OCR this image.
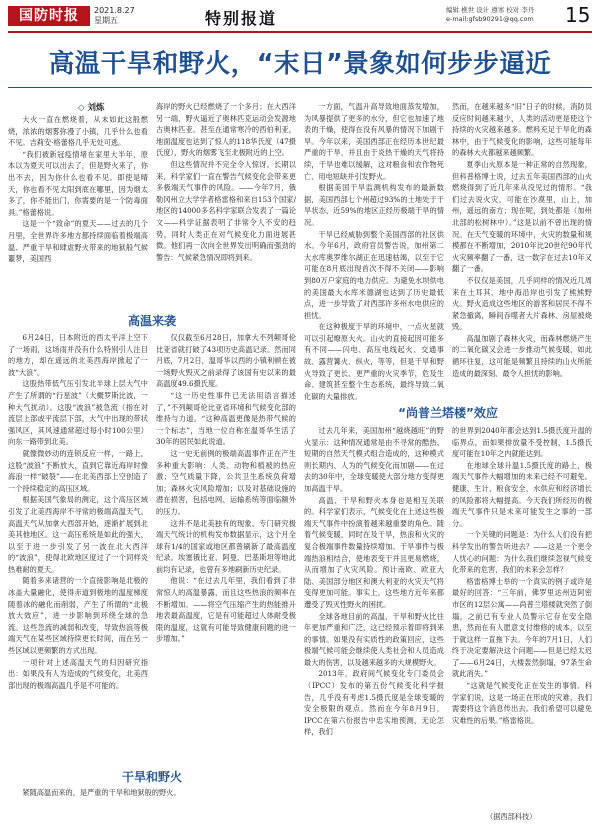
国防时报	2021.8.27
星期五	特别报道	编辑 樵世 设计 遵寒 校对 李丹
e-mail:gfsb90291@qq.com 15
高温干旱和野火，“末日”景象如何步步逼近
◇ 刘炼

大火一直在燃烧着，从未如此这般燃烧，浓浓的烟雾弥漫了小镇，几乎什么也看不见。吉莉安·格蕾格几乎无处可逃。

“我们被新冠疫情堵在家里大半年，原本以为夏天可以出去了，但是野火来了，你出不去，因为你什么也看不见。即使是晴天，你也看不见太阳到底在哪里，因为烟太多了，你不能出门，你需要的是一个防毒面具。”格蕾格说。

这是一个“致命”的夏天——过去的几个月里，全世界许多地方都持续面临着极端高温、严重干旱和肆虐野火带来的地狱般气候噩梦，美国西

海岸的野火已经燃烧了一个多月；在大西洋另一端，野火逼近了奥林匹克运动会发源地古奥林匹亚。甚至在通常寒冷的西伯利亚，地面温度也达到了惊人的118华氏度（47摄氏度），野火的烟雾飞至北极附近的上空。

但这些情况并不完全令人惊讶。长期以来，科学家们一直在警告气候变化会带来更多极端天气事件的风险。——今年7月，俄勒冈州立大学学者格雷格和来自153个国家/地区的14000多名科学家联合发表了一篇论文——科学证据表明了非常令人不安的趋势，同时人类正在对气候变化力面进展甚微。他们再一次向全世界发出明确而强劲的警告：气候紧急情况即将到来。

高温来袭

6月24日，日本附近的西太平洋上空下了一场雨，这场雨并没有什么特别引人注目的地方，却在遥远的北美西海岸掀起了一波“大浪”。

这股热带低气压引发北半球上层大气中产生了所谓的“行星波”（大概罗斯比波，一种大气扰动）。这股“波浪”被急流（指在对流层上部或平流层下部，大气中出现的带状强风区，其风速通常超过每小时100公里）向东一路带到北美。

就像微妙动的连锁反应一样，一路上，这股“波浪”不断放大，直到它靠近海岸时像海浪一样“破裂”——在北美西部上空创造了一个持续稳定的高压区域。

根据美国气象局的测定，这个高压区域引发了北美西海岸不寻常的极端高温天气。高温天气从加拿大西部开始，逐渐扩展到北美其他地区。这一高压系统是如此的强大，以至于进一步引发了另一波在北大西洋的“波浪”，使得北欧地区度过了一个同样炎热难耐的夏天。

随着多来诸营的一个直接影响是北极的冰盖大量融化，使得赤道到极地的温度梯度随着冰的融化而削弱，产生了所谓的“北极放大效应”，进一步影响到环绕全球的急流。这些急流的减弱和改变，导致热浪等极端天气在某些区域持续更长时间，而在另一些区域以更频繁的方式出现。

一项针对上述高温天气的归因研究指出：如果没有人为造成的气候变化，北美西部出现的极端高温几乎是不可能的。

仅仅截至6月28日，加拿大不列颠哥伦比亚省就打破了43项历史高温记录。然而同月底，7月2日，温哥华以西的小镇利顿在被一场野火毁灭之前录得了该国有史以来的最高温度49.6摄氏度。

“这一历史性事件已无法用语言描述了，”不列颠哥伦比亚省环境和气候变化部的维持与力道。“这种高温更像是热带气候的一个标志”，当地一位自称在温哥华生活了30年的居民如此说道。

这一史无前例的极端高温事件正在产生多种重大影响：人类、动物和植被的热应激；空气质量下降，公共卫生系统负荷增加；森林火灾风险增加；以及对基础设施的潜在损害，包括电网、运输系统等面临额外的压力。

这并不是北美独有的现象。专门研究极端天气统计的机构发布数据显示，这个月全球有1/4的国家或地区都曾刷新了最高温度纪录。埃塞俄比亚、阿曼、巴基斯坦等地此前均有记录，也曾有多地刷新历史纪录。

他说：“在过去几年里，我们看到了非常惊人的高温暴露，而且这些热浪的频率在不断增加。——将空气压缩产生的热能推升地表最高温度，它是有可能超过人体耐受极限的温度，这就有可能导致健康问题的进一步增加。”

干旱和野火

紧随高温而来的，是严重的干旱和地狱般的野火。

一方面，气温升高导致地面蒸发增加，为风暴提供了更多的水分，但它也加速了地表的干燥，使得在没有风暴的情况下加剧干旱。今年以来，美国西部正在经历本世纪最严重的干旱，并且由于炎热干燥的天气将持续，干旱也难以缓解，这对粮食和农作物死亡、用电短缺并引发野火。

根据美国干旱监测机构发布的最新数据，美国西部七个州超过93%的土地处于干旱状态，近59%的地区正经历极端干旱的情况。

干旱已经威胁到整个美国西部的社区供水。今年6月，政府官员警告说，加州第二大水库奥罗维尔湖正在迅速枯竭，以至于它可能在8月底出现首次不得不关闭——影响到80万户家庭的电力供应。为避免水坝供电的美国最大水库米德湖也达到了历史最低点，进一步导致了对西部许多州水电供应的担忧。

在这种极度干旱的环境中，一点火星就可以引起燎原大火。山火的直接起因可能多有不同——闪电、高压电线起火、交通事故、露营篝火、纵火，等等，但是干旱和野火导致了更长、更严重的火灾季节，危及生命、建筑甚至整个生态系统，最终导致二氧化碳的大量排放。

然而，在越来越多“旧”日子的时候，消防员反应时间越来越少，人类的活动更是使这个持续的火灾越来越多。燃料充足于旱化的森林中，由于气候变化的影响，这些可能每年的森林大火都越来越频繁。

夏季山火原本是一种正常的自然现象，但科普格博士说，过去五年美国西部的山火燃烧得到了近几年来从没见过的情形。“我们过去说火灾，可能在沙漠里，山上，加州，遥远的南方；现在呢，到处都是（加州北部的松树林中）。”这是以前不曾出现的情况。在天气变暖的环境中，火灾的数量和规模都在不断增加，2010年比20世纪90年代火灾频率翻了一番，这一数字在过去10年又翻了一番。

不仅仅是美国，几乎同样的情况近几周来在土耳其、地中海沿岸也引发了熊熊野火。野火造成这些地区的游客和居民不得不紧急撤离，瞬间吞噬者大片森林、房屋被烧毁。

高温加剧了森林火灾，而森林燃烧产生的二氧化碳又会进一步推动气候变暖，如此循环往复，这可能是频繁且持续的山火所能造成的最深刻、最令人担忧的影响。

“尚普兰塔楼”效应

过去几年来，美国加州“越烧越旺”的野火显示：这种情况通常是由不寻常的酷热、短期的自然天气模式组合造成的，这种模式则长期内、人为的气候变化而加剧——在过去的30年中，全球变暖使大部分地方变得更加高温干旱。

高温、干旱和野火本身也是相互关联的。科学家们表示，气候变化在上述这些极端天气事件中扮演着越来越重要的角色。随着气候变暖，同时在及干旱，热浪和火灾的复合极端事件数量持续增加。干旱事件与极端热浪相结合，使地表变干并且更易燃烧，从而增加了火灾风险。预计南欧、欧亚大陆、美国部分地区和澳大利亚的火灾天气将变得更加可能。事实上，这些地方近年来都遭受了毁灭性野火的困扰。

全球各地目前的高温、干旱和野火比往年更加严重和广泛，这已经预示着即将到来的事情。如果没有实质性的政策回应，这些极端气候可能会继续使人类社会和人员造成最大的伤害，以及越来越多的大规模野火。

2013年，政府间气候变化专门委员会（IPCC）发布的第五份气候变化科学报告，几乎没有考虑1.5摄氏度是全球变暖的安全极限的观点。然而在今年8月9日，IPCC在第六份报告中忠实地预测，无论怎样，我们

的世界到2040年都会达到1.5摄氏度升温的临界点，而如果排放量不受控制，1.5摄氏度可能在10年之内就能达到。

在地球全球升温1.5摄氏度的路上，极端天气事件大幅增加的未来已经不可避免。健康、生计、粮食安全、水供应和经济增长的风险都将大幅提高。今天我们所经历的极端天气事件只是未来可能发生之事的一部分。

一个关键的问题是：为什么人们没有把科学发出的警告听进去？——这是一个更令人忧心的问题：为什么我们继续忽视气候变化带来的危害，我们的未来会怎样？

格雷格博士举的一个真实的例子或许是最好的回答：“三年前，佛罗里达州迈阿密市区的12层公寓——尚普兰塔楼就突然了倒塌，之前已有专业人员警示它存在安全隐患，然而在有人愿意支付维修的成本，以至于就这样一直拖下去。今年的7月1日，人们终于决定要解决这个问题——但是已经太迟了——6月24日，大楼轰然倒塌，97条生命就此消失。”

“这就是气候变化正在发生的事情。科学家们说，这是一场正在形成的灾难，我们需要将这个消息传出去。我们希望可以避免灾难性的后果。”格雷格说。

（据西部科技）
